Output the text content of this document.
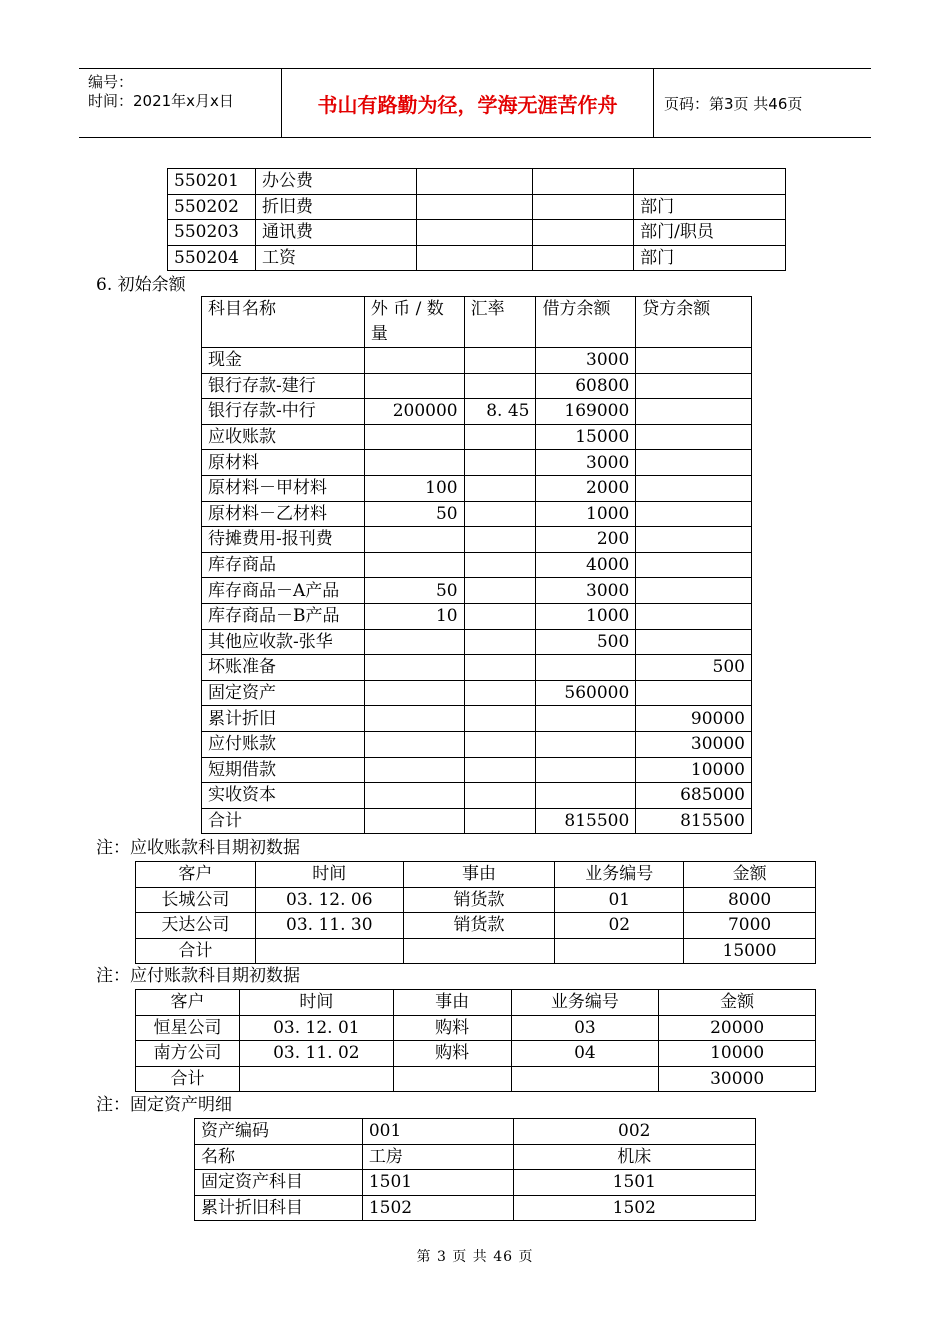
编号：
时间：2021年x月x日	书山有路勤为径，学海无涯苦作舟	页码：第3页 共46页
550201	办公费			
550202	折旧费			部门
550203	通讯费			部门/职员
550204	工资			部门
6. 初始余额
科目名称	外 币 / 数 量	汇率	借方余额	贷方余额
现金			3000	
银行存款-建行			60800	
银行存款-中行	200000	8. 45	169000	
应收账款			15000	
原材料			3000	
原材料－甲材料	100		2000	
原材料－乙材料	50		1000	
待摊费用-报刊费			200	
库存商品			4000	
库存商品－A产品	50		3000	
库存商品－B产品	10		1000	
其他应收款-张华			500	
坏账准备				500
固定资产			560000	
累计折旧				90000
应付账款				30000
短期借款				10000
实收资本				685000
合计			815500	815500
注：应收账款科目期初数据
客户	时间	事由	业务编号	金额
长城公司	03. 12. 06	销货款	01	8000
天达公司	03. 11. 30	销货款	02	7000
合计				15000
注：应付账款科目期初数据
客户	时间	事由	业务编号	金额
恒星公司	03. 12. 01	购料	03	20000
南方公司	03. 11. 02	购料	04	10000
合计				30000
注：固定资产明细
资产编码	001	002
名称	工房	机床
固定资产科目	1501	1501
累计折旧科目	1502	1502
第 3 页 共 46 页
